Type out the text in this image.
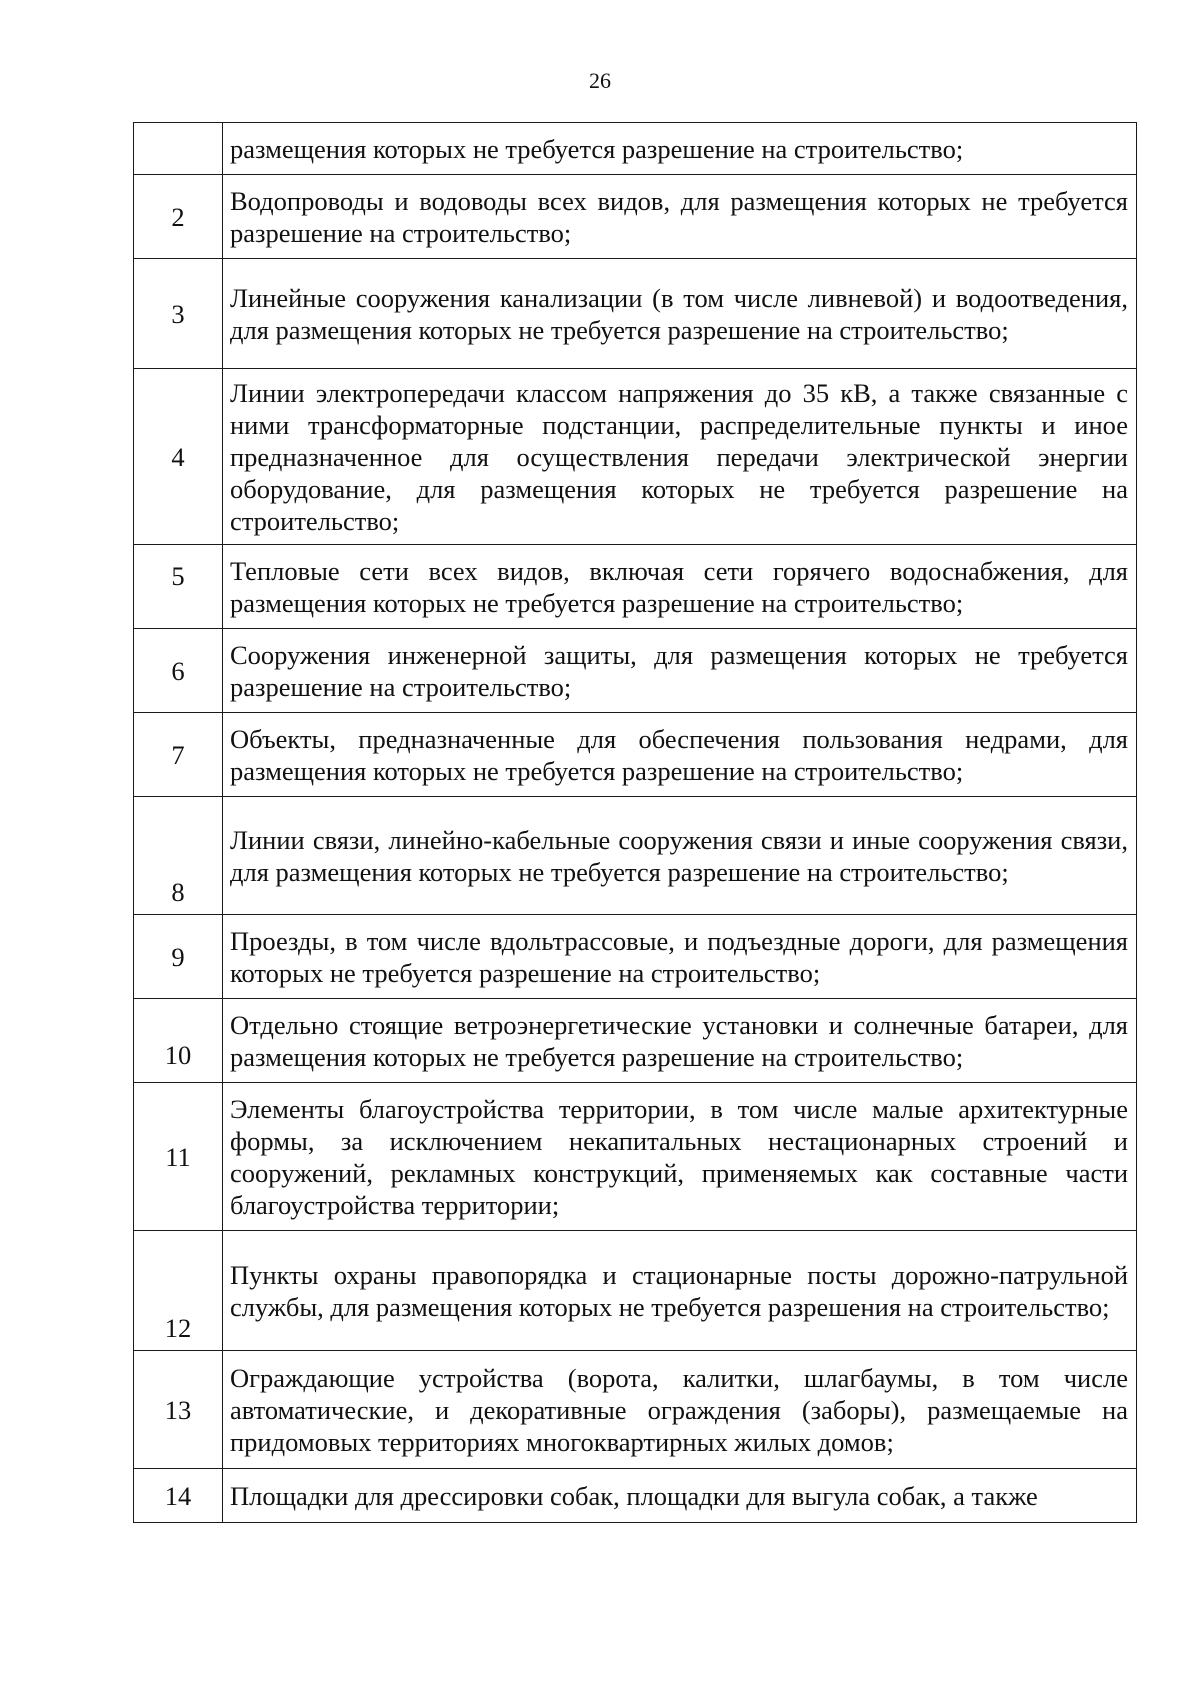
26
	размещения которых не требуется разрешение на строительство;
2	Водопроводы и водоводы всех видов, для размещения которых не требуется разрешение на строительство;
3	Линейные сооружения канализации (в том числе ливневой) и водоотведения, для размещения которых не требуется разрешение на строительство;
4	Линии электропередачи классом напряжения до 35 кВ, а также связанные с ними трансформаторные подстанции, распределительные пункты и иное предназначенное для осуществления передачи электрической энергии оборудование, для размещения которых не требуется разрешение на строительство;
5	Тепловые сети всех видов, включая сети горячего водоснабжения, для размещения которых не требуется разрешение на строительство;
6	Сооружения инженерной защиты, для размещения которых не требуется разрешение на строительство;
7	Объекты, предназначенные для обеспечения пользования недрами, для размещения которых не требуется разрешение на строительство;
8	Линии связи, линейно-кабельные сооружения связи и иные сооружения связи, для размещения которых не требуется разрешение на строительство;
9	Проезды, в том числе вдольтрассовые, и подъездные дороги, для размещения которых не требуется разрешение на строительство;
10	Отдельно стоящие ветроэнергетические установки и солнечные батареи, для размещения которых не требуется разрешение на строительство;
11	Элементы благоустройства территории, в том числе малые архитектурные формы, за исключением некапитальных нестационарных строений и сооружений, рекламных конструкций, применяемых как составные части благоустройства территории;
12	Пункты охраны правопорядка и стационарные посты дорожно-патрульной службы, для размещения которых не требуется разрешения на строительство;
13	Ограждающие устройства (ворота, калитки, шлагбаумы, в том числе автоматические, и декоративные ограждения (заборы), размещаемые на придомовых территориях многоквартирных жилых домов;
14	Площадки для дрессировки собак, площадки для выгула собак, а также
